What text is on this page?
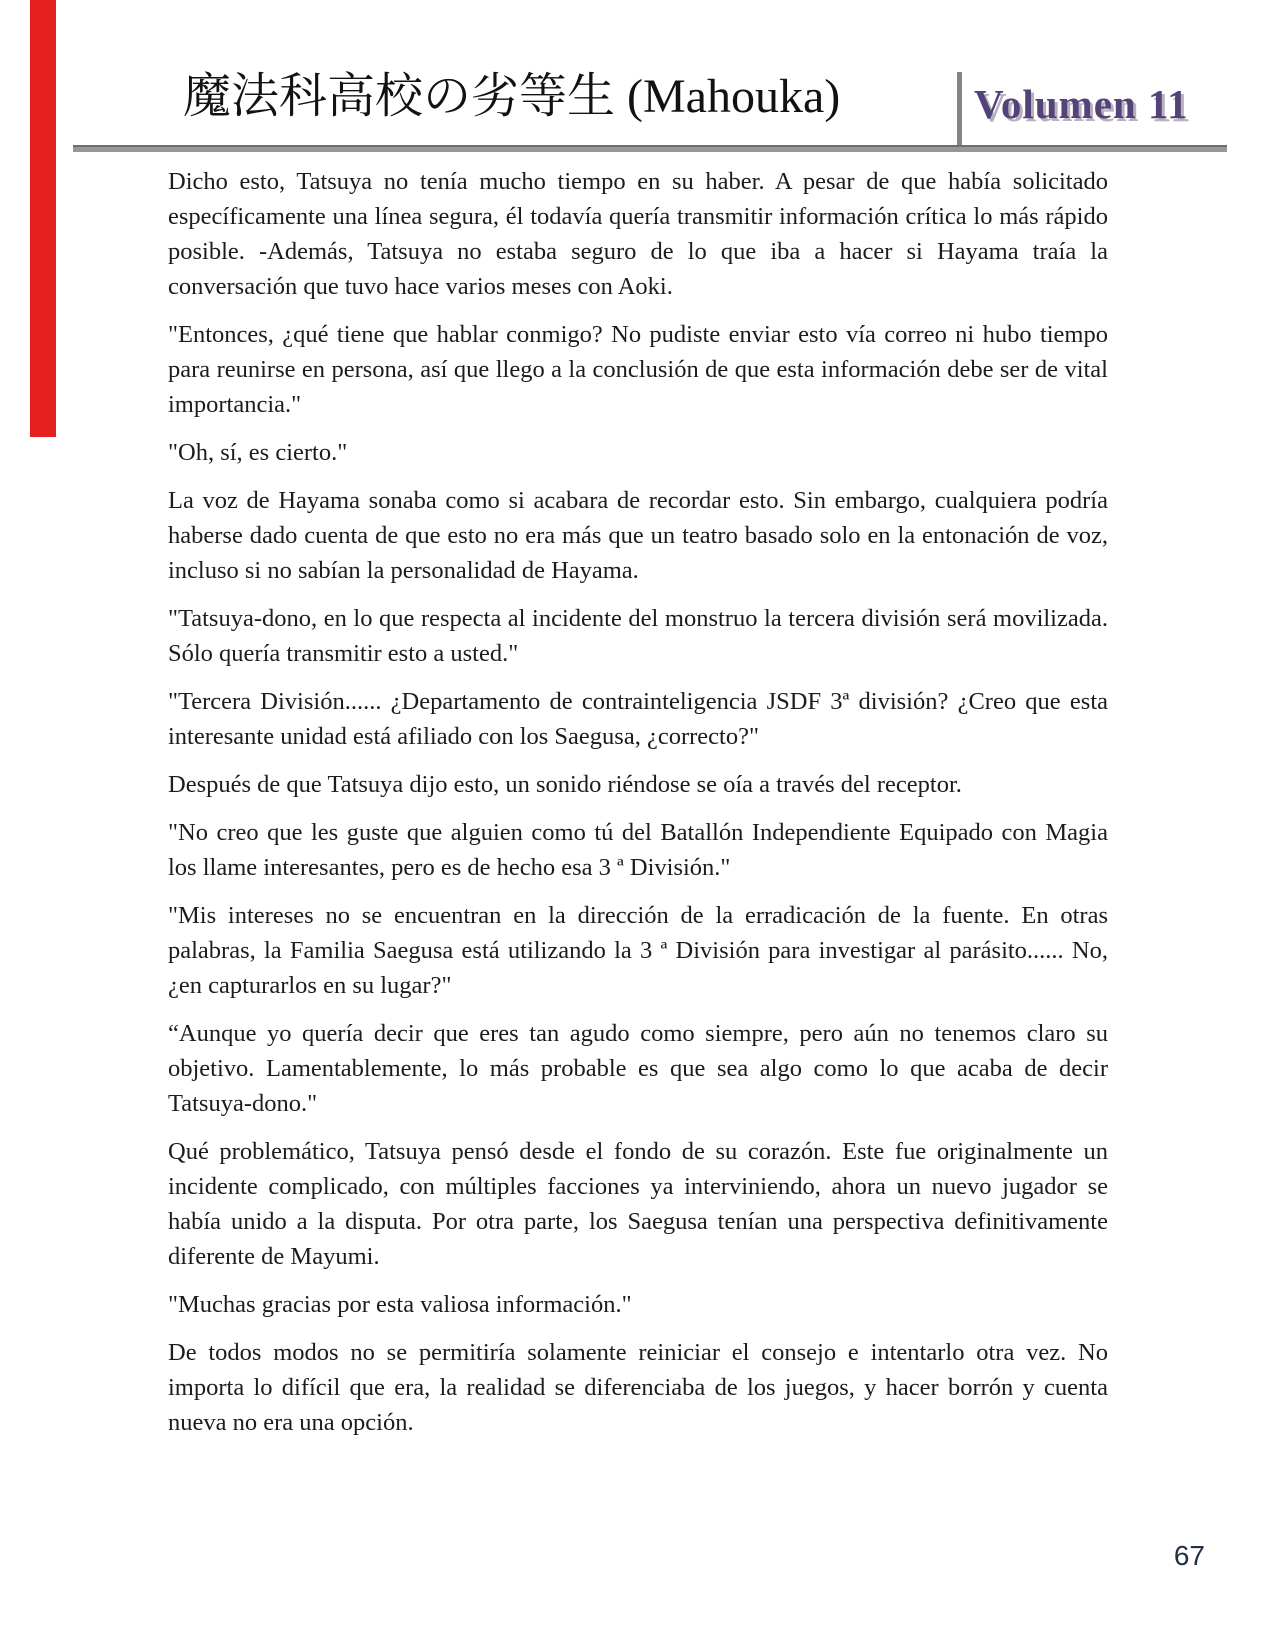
魔法科高校の劣等生 (Mahouka)	Volumen 11

Dicho esto, Tatsuya no tenía mucho tiempo en su haber. A pesar de que había solicitado específicamente una línea segura, él todavía quería transmitir información crítica lo más rápido posible. -Además, Tatsuya no estaba seguro de lo que iba a hacer si Hayama traía la conversación que tuvo hace varios meses con Aoki.

"Entonces, ¿qué tiene que hablar conmigo? No pudiste enviar esto vía correo ni hubo tiempo para reunirse en persona, así que llego a la conclusión de que esta información debe ser de vital importancia."

"Oh, sí, es cierto."

La voz de Hayama sonaba como si acabara de recordar esto. Sin embargo, cualquiera podría haberse dado cuenta de que esto no era más que un teatro basado solo en la entonación de voz, incluso si no sabían la personalidad de Hayama.

"Tatsuya-dono, en lo que respecta al incidente del monstruo la tercera división será movilizada. Sólo quería transmitir esto a usted."

"Tercera División...... ¿Departamento de contrainteligencia JSDF 3ª división? ¿Creo que esta interesante unidad está afiliado con los Saegusa, ¿correcto?"

Después de que Tatsuya dijo esto, un sonido riéndose se oía a través del receptor.

"No creo que les guste que alguien como tú del Batallón Independiente Equipado con Magia los llame interesantes, pero es de hecho esa 3 ª División."

"Mis intereses no se encuentran en la dirección de la erradicación de la fuente. En otras palabras, la Familia Saegusa está utilizando la 3 ª División para investigar al parásito...... No, ¿en capturarlos en su lugar?"

“Aunque yo quería decir que eres tan agudo como siempre, pero aún no tenemos claro su objetivo. Lamentablemente, lo más probable es que sea algo como lo que acaba de decir Tatsuya-dono."

Qué problemático, Tatsuya pensó desde el fondo de su corazón. Este fue originalmente un incidente complicado, con múltiples facciones ya interviniendo, ahora un nuevo jugador se había unido a la disputa. Por otra parte, los Saegusa tenían una perspectiva definitivamente diferente de Mayumi.

"Muchas gracias por esta valiosa información."

De todos modos no se permitiría solamente reiniciar el consejo e intentarlo otra vez. No importa lo difícil que era, la realidad se diferenciaba de los juegos, y hacer borrón y cuenta nueva no era una opción.

67
